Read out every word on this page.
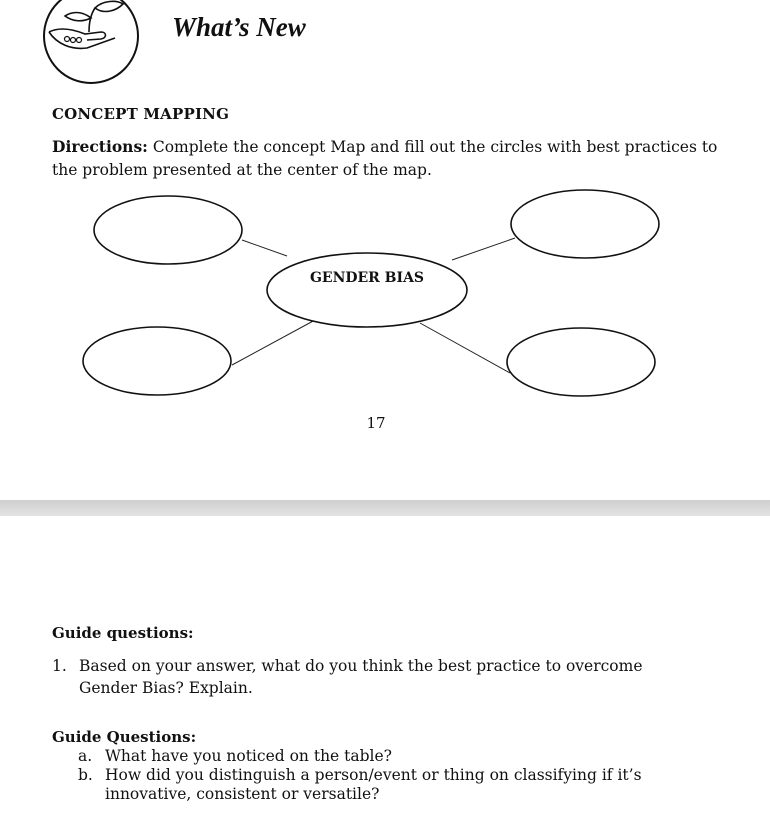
What’s New
CONCEPT MAPPING

Directions: Complete the concept Map and fill out the circles with best practices to the problem presented at the center of the map.

GENDER BIAS
17
Guide questions:
1. Based on your answer, what do you think the best practice to overcome Gender Bias? Explain.
Guide Questions:
a. What have you noticed on the table?
b. How did you distinguish a person/event or thing on classifying if it’s innovative, consistent or versatile?
